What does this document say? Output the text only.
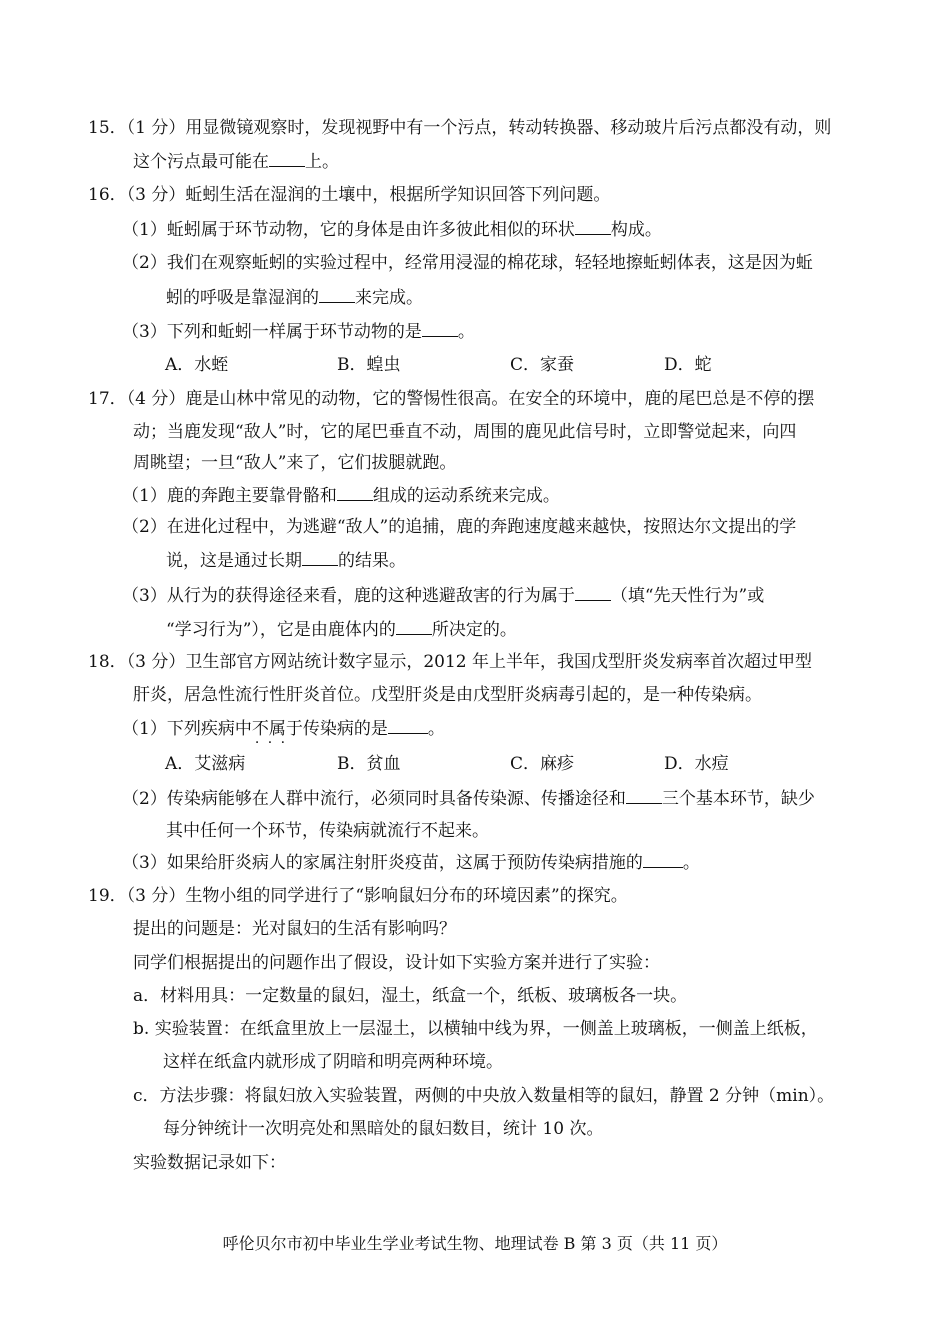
15．（1 分）用显微镜观察时，发现视野中有一个污点，转动转换器、移动玻片后污点都没有动，则
这个污点最可能在 上。
16．（3 分）蚯蚓生活在湿润的土壤中，根据所学知识回答下列问题。
（1）蚯蚓属于环节动物，它的身体是由许多彼此相似的环状 构成。
（2）我们在观察蚯蚓的实验过程中，经常用浸湿的棉花球，轻轻地擦蚯蚓体表，这是因为蚯
蚓的呼吸是靠湿润的 来完成。
（3）下列和蚯蚓一样属于环节动物的是 。
A．水蛭	B．蝗虫	C．家蚕	D．蛇
17．（4 分）鹿是山林中常见的动物，它的警惕性很高。在安全的环境中，鹿的尾巴总是不停的摆
动；当鹿发现“敌人”时，它的尾巴垂直不动，周围的鹿见此信号时，立即警觉起来，向四
周眺望；一旦“敌人”来了，它们拔腿就跑。
（1）鹿的奔跑主要靠骨骼和 组成的运动系统来完成。
（2）在进化过程中，为逃避“敌人”的追捕，鹿的奔跑速度越来越快，按照达尔文提出的学
说，这是通过长期 的结果。
（3）从行为的获得途径来看，鹿的这种逃避敌害的行为属于 （填“先天性行为”或
“学习行为”），它是由鹿体内的 所决定的。
18．（3 分）卫生部官方网站统计数字显示，2012 年上半年，我国戊型肝炎发病率首次超过甲型
肝炎，居急性流行性肝炎首位。戊型肝炎是由戊型肝炎病毒引起的，是一种传染病。
（1）下列疾病中不属于 · · ·传染病的是 。
A．艾滋病	B．贫血	C．麻疹	D．水痘
（2）传染病能够在人群中流行，必须同时具备传染源、传播途径和 三个基本环节，缺少
其中任何一个环节，传染病就流行不起来。
（3）如果给肝炎病人的家属注射肝炎疫苗，这属于预防传染病措施的 。
19．（3 分）生物小组的同学进行了“影响鼠妇分布的环境因素”的探究。
提出的问题是：光对鼠妇的生活有影响吗？
同学们根据提出的问题作出了假设，设计如下实验方案并进行了实验：
a．材料用具：一定数量的鼠妇，湿土，纸盒一个，纸板、玻璃板各一块。
b. 实验装置：在纸盒里放上一层湿土，以横轴中线为界，一侧盖上玻璃板，一侧盖上纸板，
这样在纸盒内就形成了阴暗和明亮两种环境。
c．方法步骤：将鼠妇放入实验装置，两侧的中央放入数量相等的鼠妇，静置 2 分钟（min）。
每分钟统计一次明亮处和黑暗处的鼠妇数目，统计 10 次。
实验数据记录如下：
呼伦贝尔市初中毕业生学业考试生物、地理试卷 B 第 3 页（共 11 页）
